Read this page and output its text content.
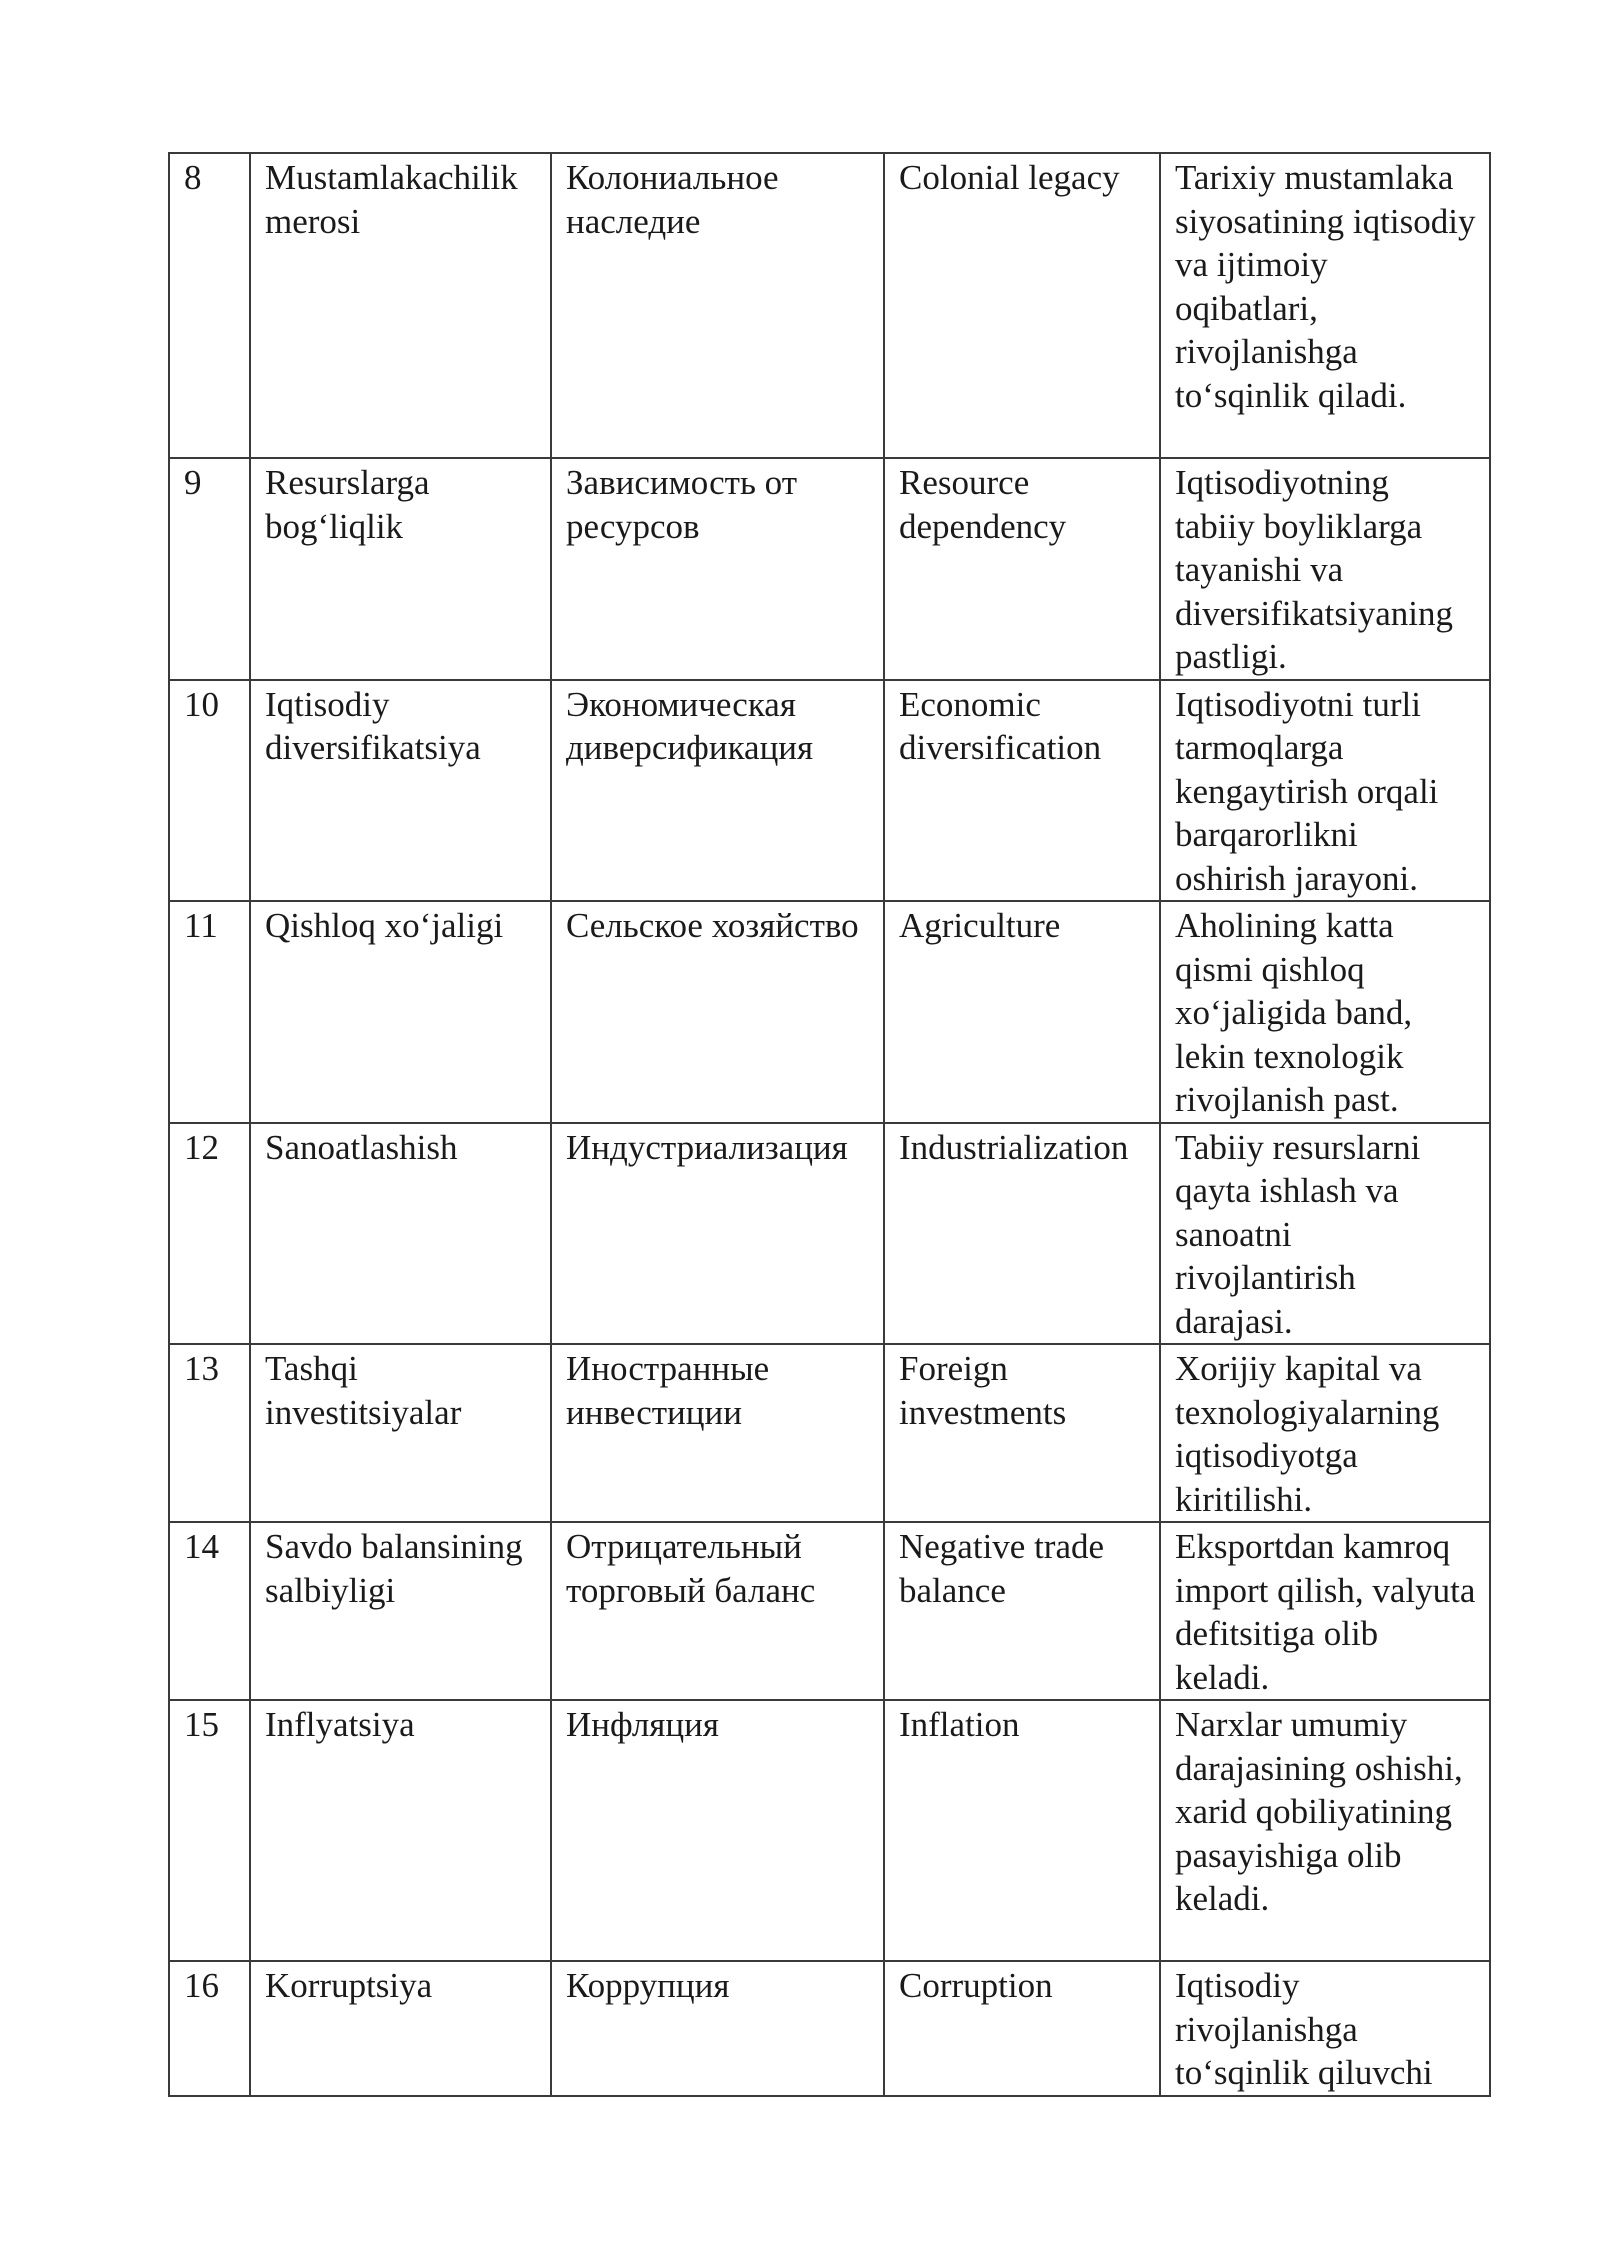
8	Mustamlakachilik merosi	Колониальное наследие	Colonial legacy	Tarixiy mustamlaka siyosatining iqtisodiy va ijtimoiy oqibatlari, rivojlanishga to‘sqinlik qiladi.
9	Resurslarga bog‘liqlik	Зависимость от ресурсов	Resource dependency	Iqtisodiyotning tabiiy boyliklarga tayanishi va diversifikatsiyaning pastligi.
10	Iqtisodiy diversifikatsiya	Экономическая диверсификация	Economic diversification	Iqtisodiyotni turli tarmoqlarga kengaytirish orqali barqarorlikni oshirish jarayoni.
11	Qishloq xo‘jaligi	Сельское хозяйство	Agriculture	Aholining katta qismi qishloq xo‘jaligida band, lekin texnologik rivojlanish past.
12	Sanoatlashish	Индустриализация	Industrialization	Tabiiy resurslarni qayta ishlash va sanoatni rivojlantirish darajasi.
13	Tashqi investitsiyalar	Иностранные инвестиции	Foreign investments	Xorijiy kapital va texnologiyalarning iqtisodiyotga kiritilishi.
14	Savdo balansining salbiyligi	Отрицательный торговый баланс	Negative trade balance	Eksportdan kamroq import qilish, valyuta defitsitiga olib keladi.
15	Inflyatsiya	Инфляция	Inflation	Narxlar umumiy darajasining oshishi, xarid qobiliyatining pasayishiga olib keladi.
16	Korruptsiya	Коррупция	Corruption	Iqtisodiy rivojlanishga to‘sqinlik qiluvchi
